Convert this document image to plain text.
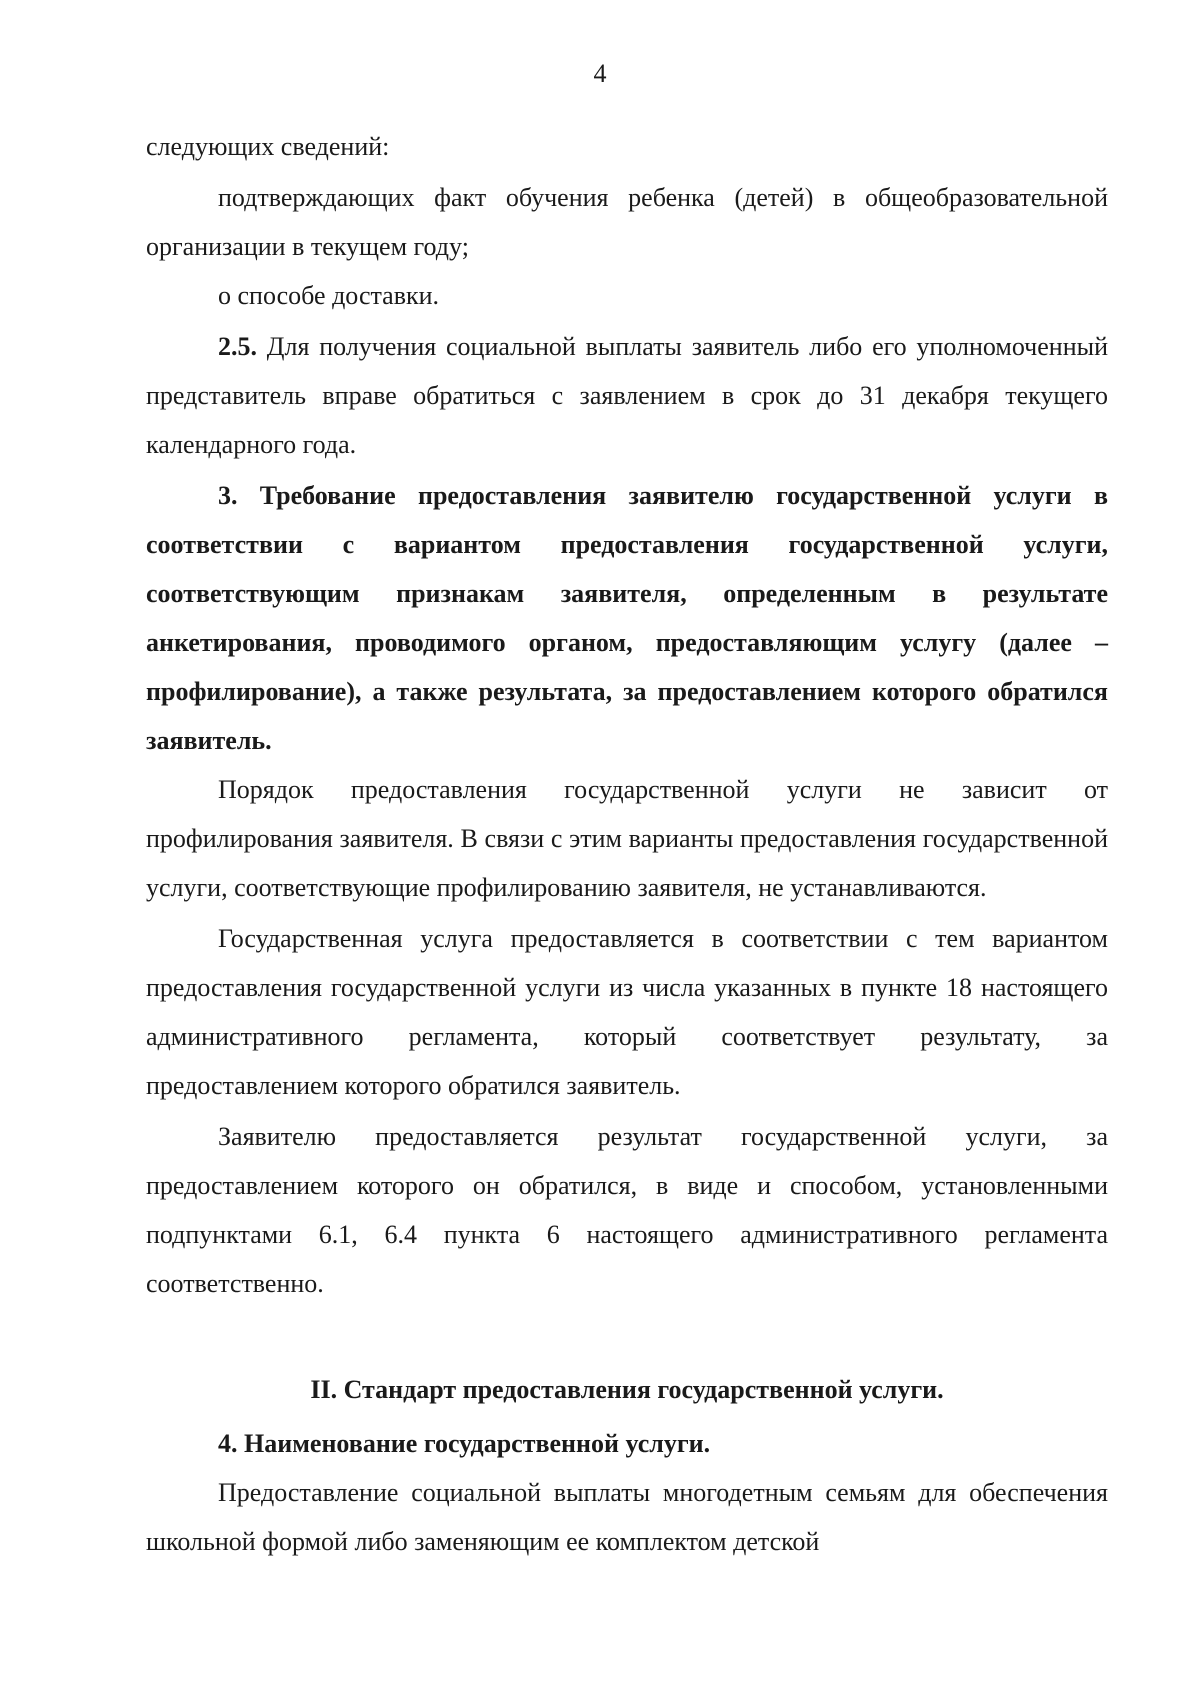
4

следующих сведений:

подтверждающих факт обучения ребенка (детей) в общеобразовательной организации в текущем году;

о способе доставки.

2.5. Для получения социальной выплаты заявитель либо его уполномоченный представитель вправе обратиться с заявлением в срок до 31 декабря текущего календарного года.

3. Требование предоставления заявителю государственной услуги в соответствии с вариантом предоставления государственной услуги, соответствующим признакам заявителя, определенным в результате анкетирования, проводимого органом, предоставляющим услугу (далее – профилирование), а также результата, за предоставлением которого обратился заявитель.

Порядок предоставления государственной услуги не зависит от профилирования заявителя. В связи с этим варианты предоставления государственной услуги, соответствующие профилированию заявителя, не устанавливаются.

Государственная услуга предоставляется в соответствии с тем вариантом предоставления государственной услуги из числа указанных в пункте 18 настоящего административного регламента, который соответствует результату, за предоставлением которого обратился заявитель.

Заявителю предоставляется результат государственной услуги, за предоставлением которого он обратился, в виде и способом, установленными подпунктами 6.1, 6.4 пункта 6 настоящего административного регламента соответственно.

II. Стандарт предоставления государственной услуги.

4. Наименование государственной услуги.

Предоставление социальной выплаты многодетным семьям для обеспечения школьной формой либо заменяющим ее комплектом детской
